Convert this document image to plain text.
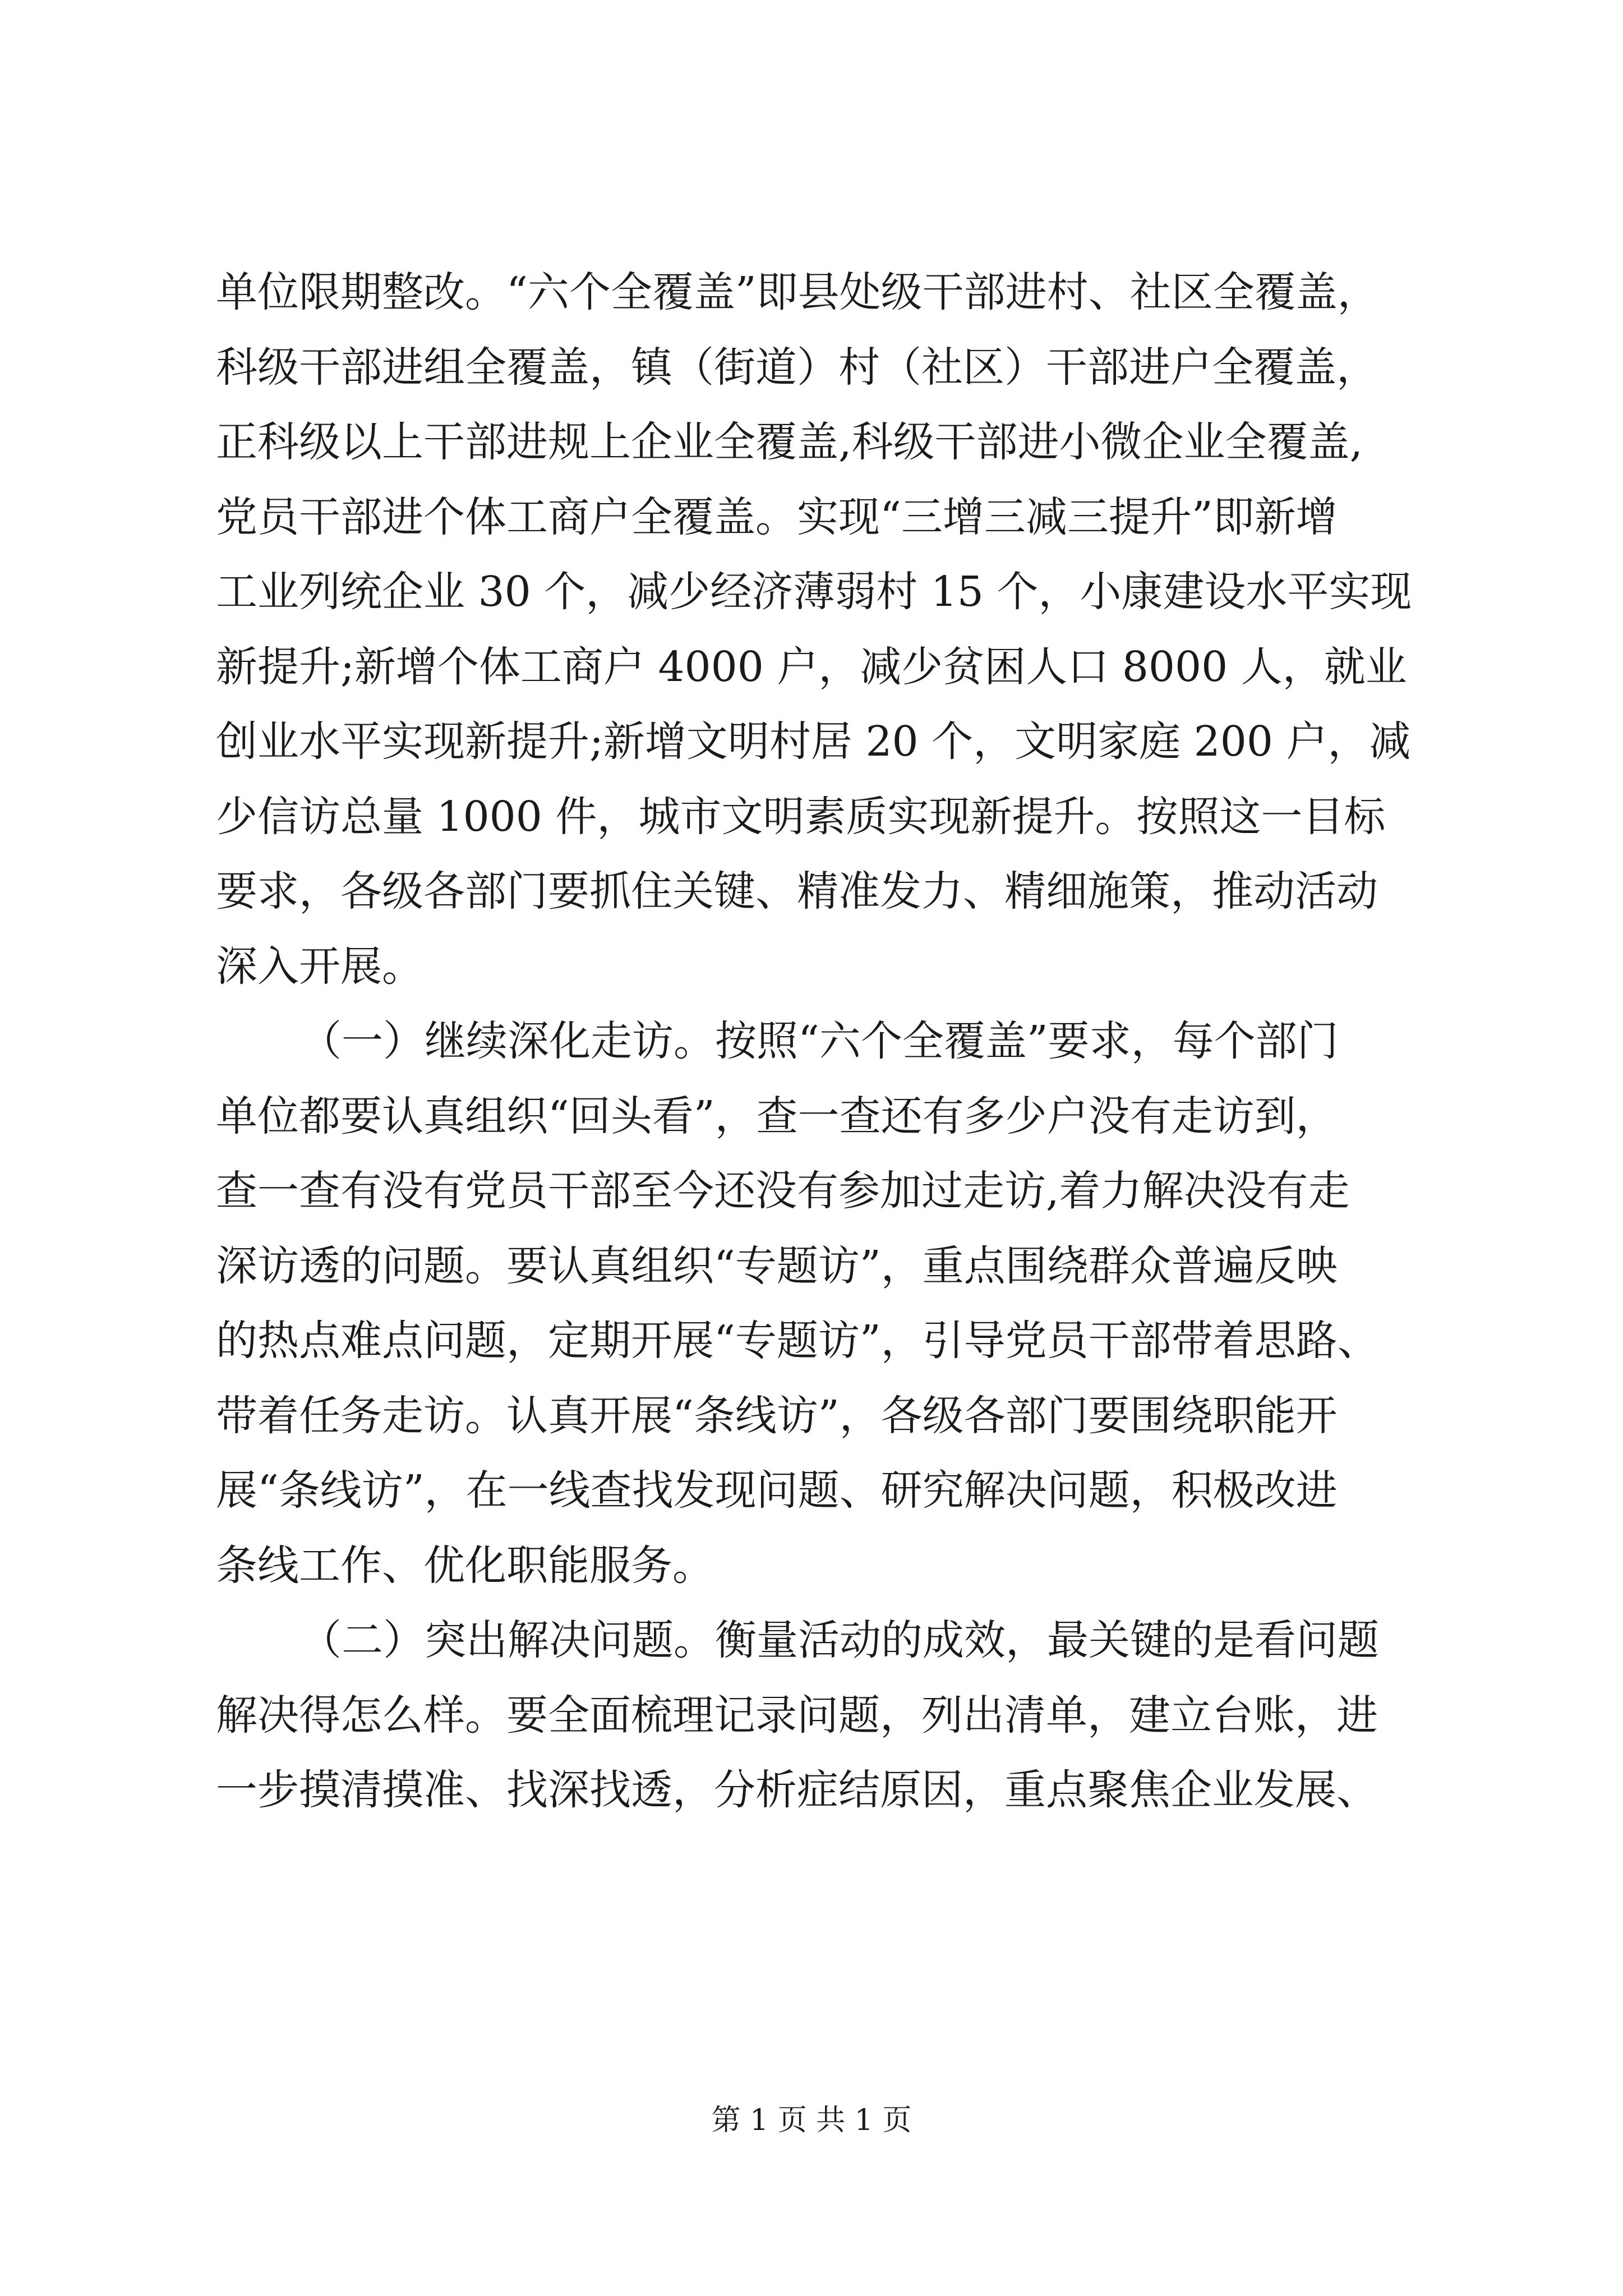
单位限期整改。“六个全覆盖”即县处级干部进村、社区全覆盖，
科级干部进组全覆盖，镇（街道）村（社区）干部进户全覆盖，
正科级以上干部进规上企业全覆盖,科级干部进小微企业全覆盖,
党员干部进个体工商户全覆盖。实现“三增三减三提升”即新增
工业列统企业 30 个，减少经济薄弱村 15 个，小康建设水平实现
新提升;新增个体工商户 4000 户，减少贫困人口 8000 人，就业
创业水平实现新提升;新增文明村居 20 个，文明家庭 200 户，减
少信访总量 1000 件，城市文明素质实现新提升。按照这一目标
要求，各级各部门要抓住关键、精准发力、精细施策，推动活动
深入开展。

（一）继续深化走访。按照“六个全覆盖”要求，每个部门
单位都要认真组织“回头看”，查一查还有多少户没有走访到，
查一查有没有党员干部至今还没有参加过走访,着力解决没有走
深访透的问题。要认真组织“专题访”，重点围绕群众普遍反映
的热点难点问题，定期开展“专题访”，引导党员干部带着思路、
带着任务走访。认真开展“条线访”，各级各部门要围绕职能开
展“条线访”，在一线查找发现问题、研究解决问题，积极改进
条线工作、优化职能服务。

（二）突出解决问题。衡量活动的成效，最关键的是看问题
解决得怎么样。要全面梳理记录问题，列出清单，建立台账，进
一步摸清摸准、找深找透，分析症结原因，重点聚焦企业发展、

第 1 页 共 1 页
